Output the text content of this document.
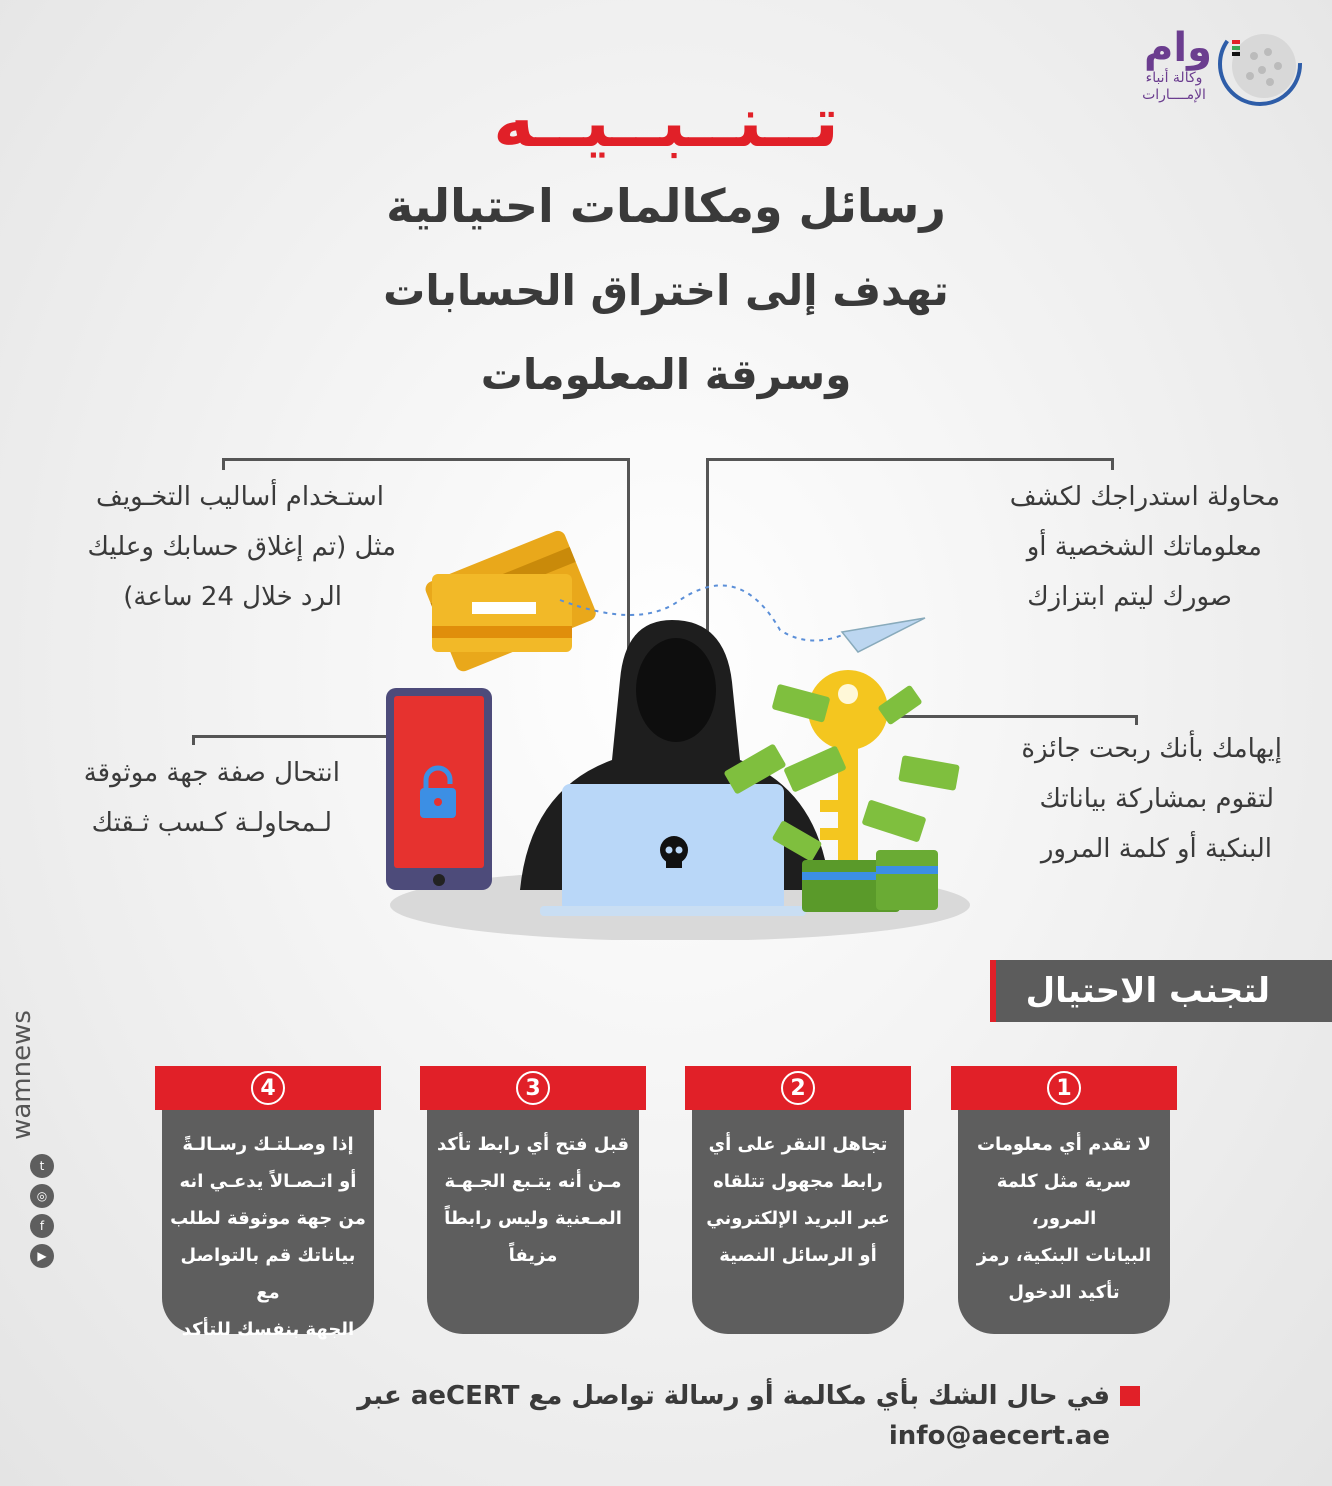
وام
وكالة أنباء
الإمــــارات
تــنــبــيــه
رسائل ومكالمات احتيالية
تهدف إلى اختراق الحسابات
وسرقة المعلومات
محاولة استدراجك لكشف
معلوماتك الشخصية أو
صورك ليتم ابتزازك
استـخدام أساليب التخـويف
مثل (تم إغلاق حسابك وعليك
الرد خلال 24 ساعة)
انتحال صفة جهة موثوقة
لـمحاولـة كـسب ثـقتك
إيهامك بأنك ربحت جائزة
لتقوم بمشاركة بياناتك
البنكية أو كلمة المرور
لتجنب الاحتيال
1
لا تقدم أي معلومات
سرية مثل كلمة المرور،
البيانات البنكية، رمز
تأكيد الدخول
2
تجاهل النقر على أي
رابط مجهول تتلقاه
عبر البريد الإلكتروني
أو الرسائل النصية
3
قبل فتح أي رابط تأكد
مـن أنه يتـبع الجـهـة
المـعنية وليس رابطاً
مزيفاً
4
إذا وصـلتـك رسـالـةً
أو اتـصـالاً يدعـي انه
من جهة موثوقة لطلب
بياناتك قم بالتواصل مع
الجهة بنفسك للتأكد
في حال الشك بأي مكالمة أو رسالة تواصل مع aeCERT عبر info@aecert.ae
wamnews
t
◎
f
▶
